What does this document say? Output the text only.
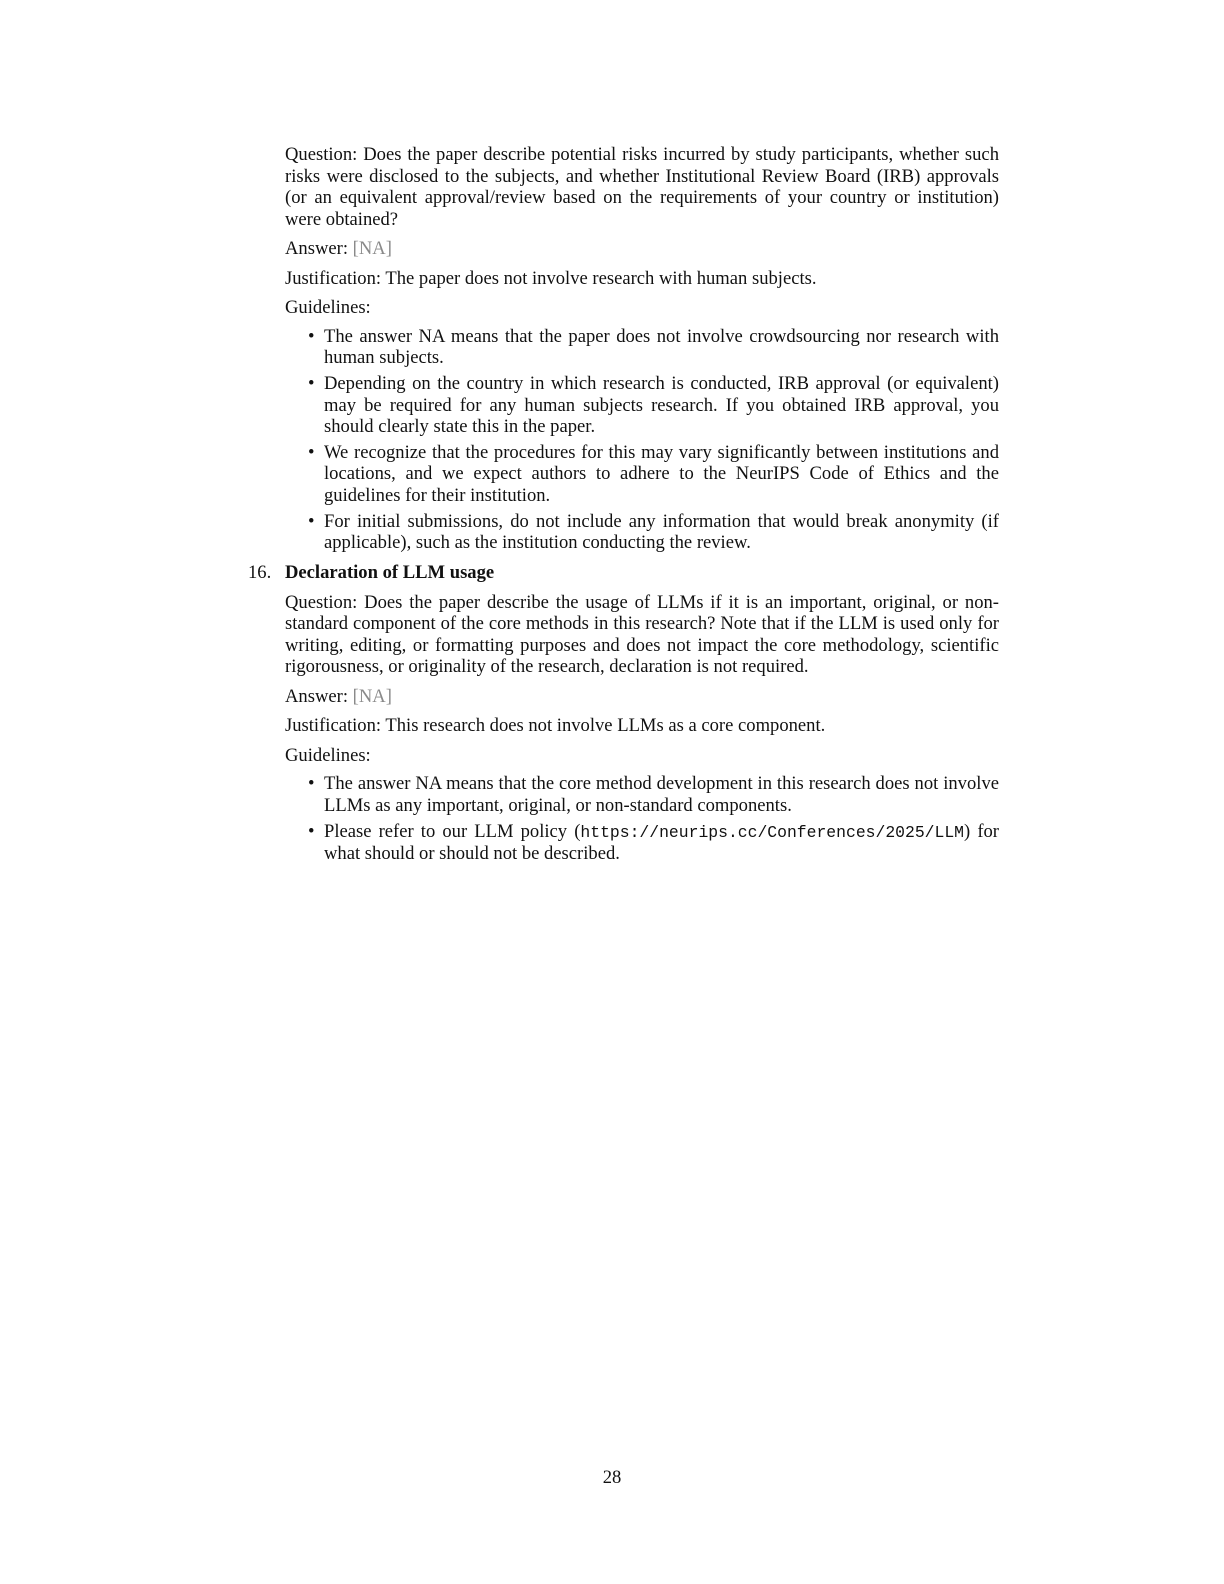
Question: Does the paper describe potential risks incurred by study participants, whether such risks were disclosed to the subjects, and whether Institutional Review Board (IRB) approvals (or an equivalent approval/review based on the requirements of your country or institution) were obtained?

Answer: [NA]

Justification: The paper does not involve research with human subjects.

Guidelines:

• The answer NA means that the paper does not involve crowdsourcing nor research with human subjects.
• Depending on the country in which research is conducted, IRB approval (or equivalent) may be required for any human subjects research. If you obtained IRB approval, you should clearly state this in the paper.
• We recognize that the procedures for this may vary significantly between institutions and locations, and we expect authors to adhere to the NeurIPS Code of Ethics and the guidelines for their institution.
• For initial submissions, do not include any information that would break anonymity (if applicable), such as the institution conducting the review.
16. Declaration of LLM usage

Question: Does the paper describe the usage of LLMs if it is an important, original, or non-standard component of the core methods in this research? Note that if the LLM is used only for writing, editing, or formatting purposes and does not impact the core methodology, scientific rigorousness, or originality of the research, declaration is not required.

Answer: [NA]

Justification: This research does not involve LLMs as a core component.

Guidelines:

• The answer NA means that the core method development in this research does not involve LLMs as any important, original, or non-standard components.
• Please refer to our LLM policy (https://neurips.cc/Conferences/2025/LLM) for what should or should not be described.
28
